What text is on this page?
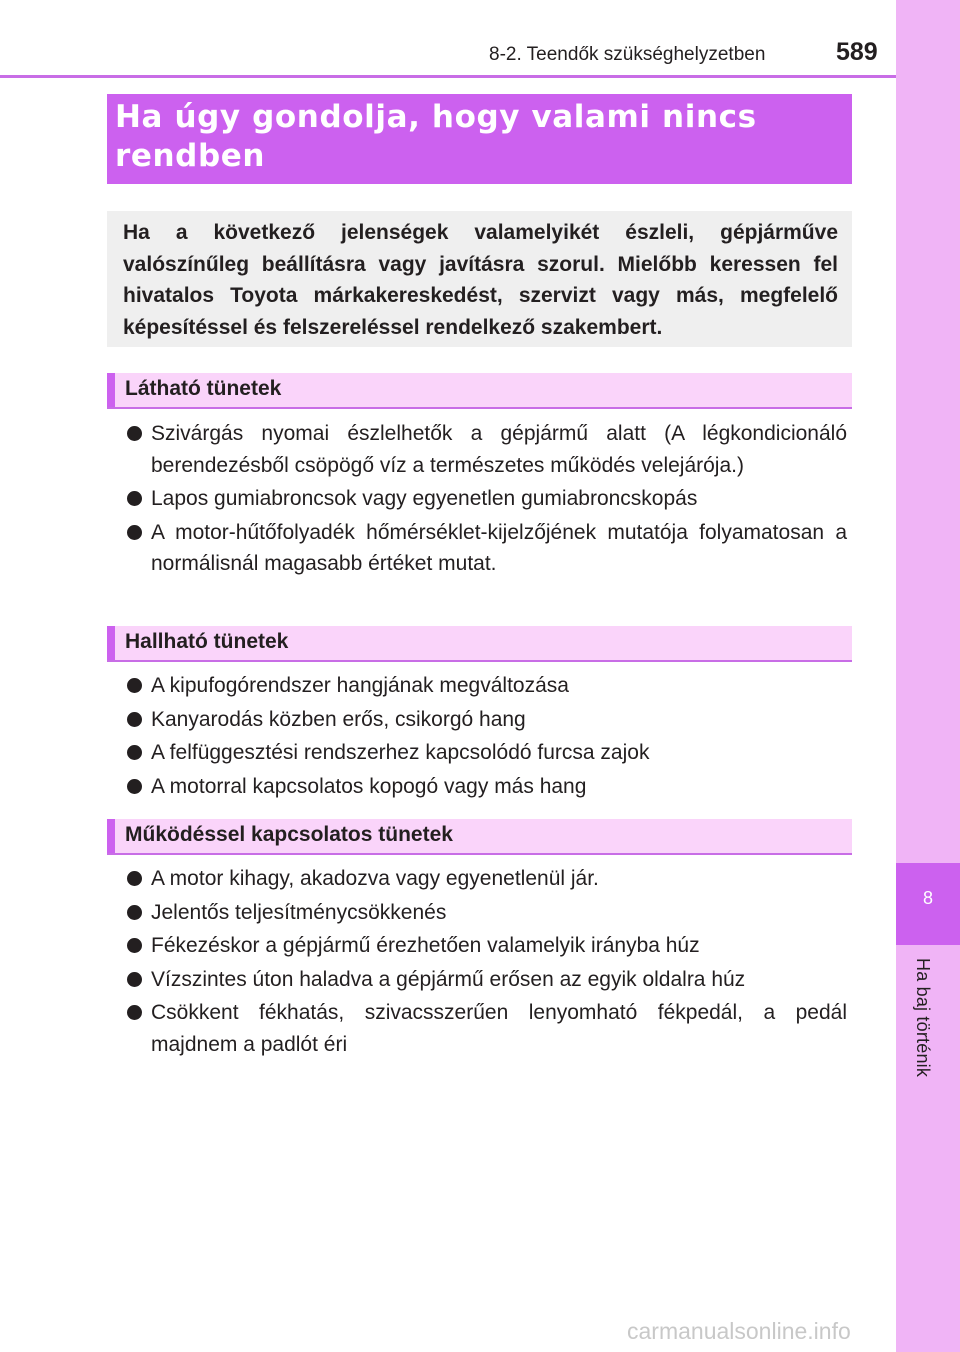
8-2. Teendők szükséghelyzetben	589
8
Ha baj történik
Ha úgy gondolja, hogy valami nincs rendben

Ha a következő jelenségek valamelyikét észleli, gépjárműve valószínűleg beállításra vagy javításra szorul. Mielőbb keressen fel hivatalos Toyota márkakereskedést, szervizt vagy más, megfelelő képesítéssel és felszereléssel rendelkező szakembert.

Látható tünetek
Szivárgás nyomai észlelhetők a gépjármű alatt (A légkondicionáló berendezésből csöpögő víz a természetes működés velejárója.)
Lapos gumiabroncsok vagy egyenetlen gumiabroncskopás
A motor-hűtőfolyadék hőmérséklet-kijelzőjének mutatója folyamatosan a normálisnál magasabb értéket mutat.
Hallható tünetek
A kipufogórendszer hangjának megváltozása
Kanyarodás közben erős, csikorgó hang
A felfüggesztési rendszerhez kapcsolódó furcsa zajok
A motorral kapcsolatos kopogó vagy más hang
Működéssel kapcsolatos tünetek
A motor kihagy, akadozva vagy egyenetlenül jár.
Jelentős teljesítménycsökkenés
Fékezéskor a gépjármű érezhetően valamelyik irányba húz
Vízszintes úton haladva a gépjármű erősen az egyik oldalra húz
Csökkent fékhatás, szivacsszerűen lenyomható fékpedál, a pedál majdnem a padlót éri
carmanualsonline.info
